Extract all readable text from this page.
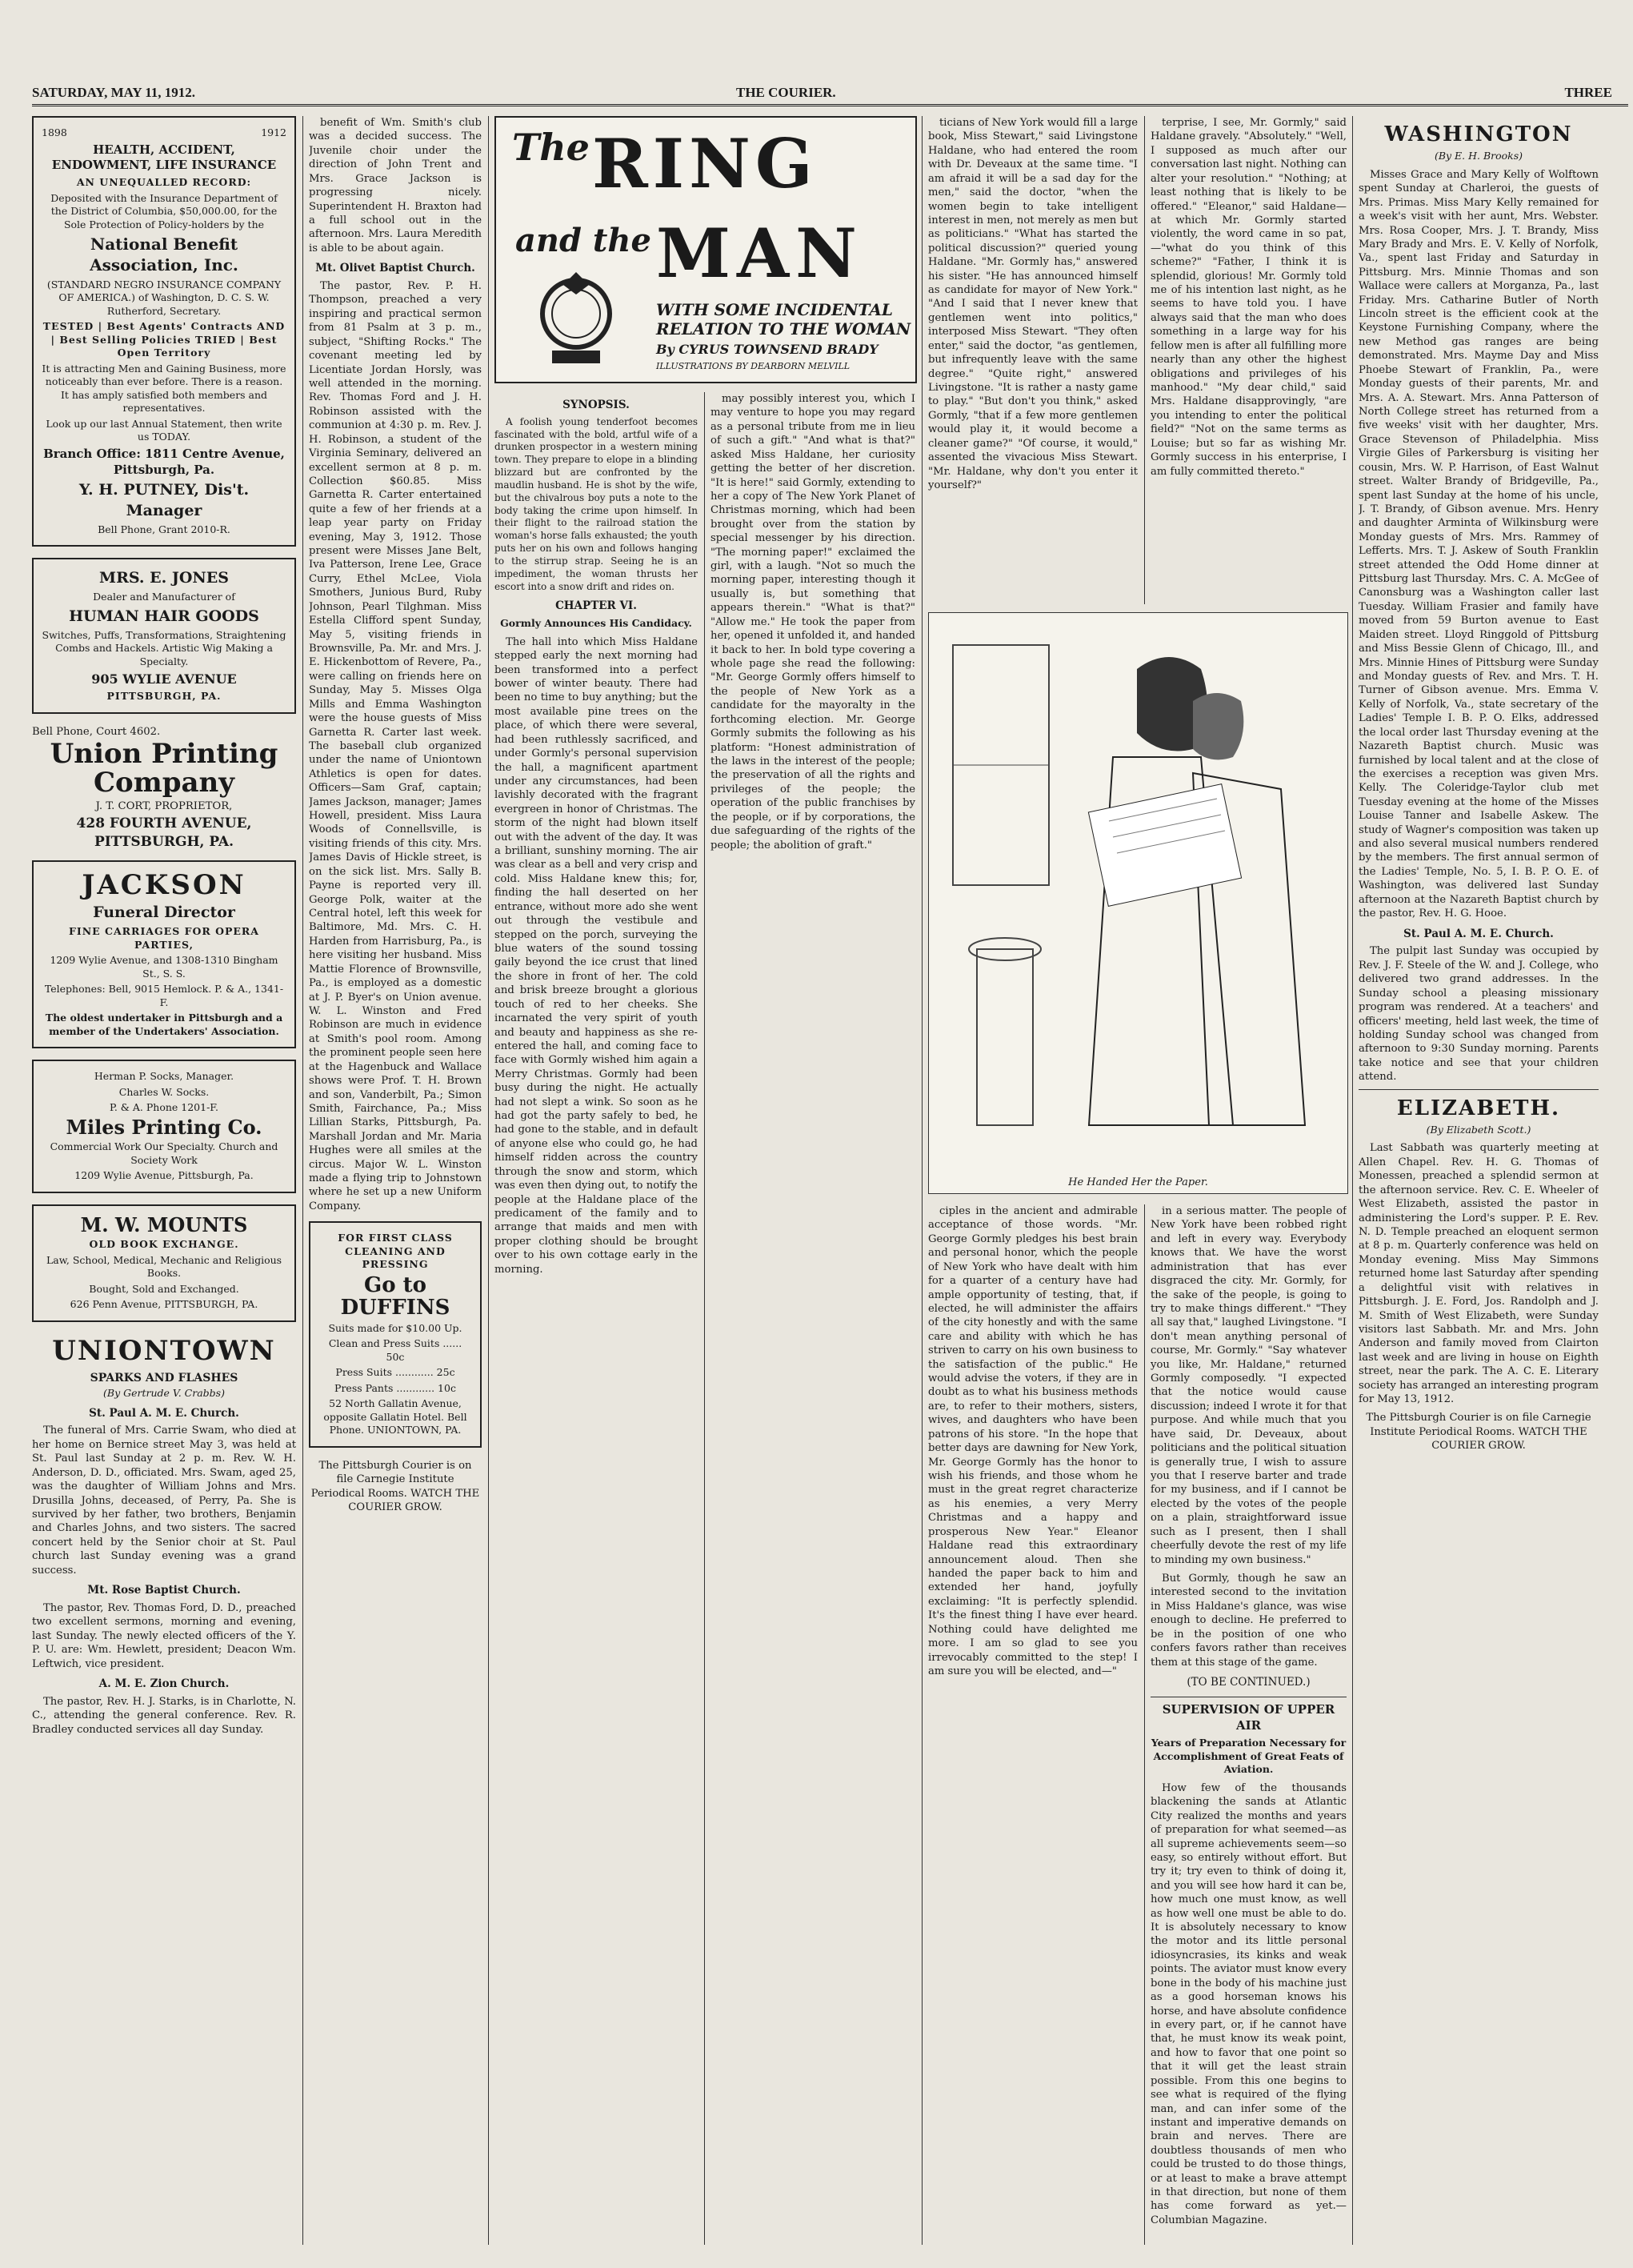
SATURDAY, MAY 11, 1912.	THE COURIER.	THREE

1898	1912

HEALTH, ACCIDENT, ENDOWMENT, LIFE INSURANCE

AN UNEQUALLED RECORD:

Deposited with the Insurance Department of the District of Columbia, $50,000.00, for the Sole Protection of Policy-holders by the

National Benefit Association, Inc.

(STANDARD NEGRO INSURANCE COMPANY OF AMERICA.) of Washington, D. C. S. W. Rutherford, Secretary.

TESTED | Best Agents' Contracts AND | Best Selling Policies TRIED | Best Open Territory

It is attracting Men and Gaining Business, more noticeably than ever before. There is a reason. It has amply satisfied both members and representatives.

Look up our last Annual Statement, then write us TODAY.

Branch Office: 1811 Centre Avenue, Pittsburgh, Pa.

Y. H. PUTNEY, Dis't. Manager

Bell Phone, Grant 2010-R.

MRS. E. JONES

Dealer and Manufacturer of

HUMAN HAIR GOODS

Switches, Puffs, Transformations, Straightening Combs and Hackels. Artistic Wig Making a Specialty.

905 WYLIE AVENUE

PITTSBURGH, PA.

Bell Phone, Court 4602.

Union Printing Company

J. T. CORT, PROPRIETOR,

428 FOURTH AVENUE, PITTSBURGH, PA.

JACKSON

Funeral Director

FINE CARRIAGES FOR OPERA PARTIES,

1209 Wylie Avenue, and 1308-1310 Bingham St., S. S.

Telephones: Bell, 9015 Hemlock. P. & A., 1341-F.

The oldest undertaker in Pittsburgh and a member of the Undertakers' Association.

Herman P. Socks, Manager.

Charles W. Socks.

P. & A. Phone 1201-F.

Miles Printing Co.

Commercial Work Our Specialty. Church and Society Work

1209 Wylie Avenue, Pittsburgh, Pa.

M. W. MOUNTS

OLD BOOK EXCHANGE.

Law, School, Medical, Mechanic and Religious Books.

Bought, Sold and Exchanged.

626 Penn Avenue, PITTSBURGH, PA.

UNIONTOWN

SPARKS AND FLASHES

(By Gertrude V. Crabbs)

St. Paul A. M. E. Church.

The funeral of Mrs. Carrie Swam, who died at her home on Bernice street May 3, was held at St. Paul last Sunday at 2 p. m. Rev. W. H. Anderson, D. D., officiated. Mrs. Swam, aged 25, was the daughter of William Johns and Mrs. Drusilla Johns, deceased, of Perry, Pa. She is survived by her father, two brothers, Benjamin and Charles Johns, and two sisters. The sacred concert held by the Senior choir at St. Paul church last Sunday evening was a grand success.

Mt. Rose Baptist Church.

The pastor, Rev. Thomas Ford, D. D., preached two excellent sermons, morning and evening, last Sunday. The newly elected officers of the Y. P. U. are: Wm. Hewlett, president; Deacon Wm. Leftwich, vice president.

A. M. E. Zion Church.

The pastor, Rev. H. J. Starks, is in Charlotte, N. C., attending the general conference. Rev. R. Bradley conducted services all day Sunday.

benefit of Wm. Smith's club was a decided success. The Juvenile choir under the direction of John Trent and Mrs. Grace Jackson is progressing nicely. Superintendent H. Braxton had a full school out in the afternoon. Mrs. Laura Meredith is able to be about again.

Mt. Olivet Baptist Church.

The pastor, Rev. P. H. Thompson, preached a very inspiring and practical sermon from 81 Psalm at 3 p. m., subject, "Shifting Rocks." The covenant meeting led by Licentiate Jordan Horsly, was well attended in the morning. Rev. Thomas Ford and J. H. Robinson assisted with the communion at 4:30 p. m. Rev. J. H. Robinson, a student of the Virginia Seminary, delivered an excellent sermon at 8 p. m. Collection $60.85. Miss Garnetta R. Carter entertained quite a few of her friends at a leap year party on Friday evening, May 3, 1912. Those present were Misses Jane Belt, Iva Patterson, Irene Lee, Grace Curry, Ethel McLee, Viola Smothers, Junious Burd, Ruby Johnson, Pearl Tilghman. Miss Estella Clifford spent Sunday, May 5, visiting friends in Brownsville, Pa. Mr. and Mrs. J. E. Hickenbottom of Revere, Pa., were calling on friends here on Sunday, May 5. Misses Olga Mills and Emma Washington were the house guests of Miss Garnetta R. Carter last week. The baseball club organized under the name of Uniontown Athletics is open for dates. Officers—Sam Graf, captain; James Jackson, manager; James Howell, president. Miss Laura Woods of Connellsville, is visiting friends of this city. Mrs. James Davis of Hickle street, is on the sick list. Mrs. Sally B. Payne is reported very ill. George Polk, waiter at the Central hotel, left this week for Baltimore, Md. Mrs. C. H. Harden from Harrisburg, Pa., is here visiting her husband. Miss Mattie Florence of Brownsville, Pa., is employed as a domestic at J. P. Byer's on Union avenue. W. L. Winston and Fred Robinson are much in evidence at Smith's pool room. Among the prominent people seen here at the Hagenbuck and Wallace shows were Prof. T. H. Brown and son, Vanderbilt, Pa.; Simon Smith, Fairchance, Pa.; Miss Lillian Starks, Pittsburgh, Pa. Marshall Jordan and Mr. Maria Hughes were all smiles at the circus. Major W. L. Winston made a flying trip to Johnstown where he set up a new Uniform Company.

FOR FIRST CLASS CLEANING AND PRESSING

Go to DUFFINS

Suits made for $10.00 Up.

Clean and Press Suits ...... 50c

Press Suits ............ 25c

Press Pants ............ 10c

52 North Gallatin Avenue, opposite Gallatin Hotel. Bell Phone. UNIONTOWN, PA.

The Pittsburgh Courier is on file Carnegie Institute Periodical Rooms. WATCH THE COURIER GROW.

The RING
and the MAN
WITH SOME INCIDENTAL RELATION TO THE WOMAN
By CYRUS TOWNSEND BRADY
ILLUSTRATIONS BY DEARBORN MELVILL

SYNOPSIS.

A foolish young tenderfoot becomes fascinated with the bold, artful wife of a drunken prospector in a western mining town. They prepare to elope in a blinding blizzard but are confronted by the maudlin husband. He is shot by the wife, but the chivalrous boy puts a note to the body taking the crime upon himself. In their flight to the railroad station the woman's horse falls exhausted; the youth puts her on his own and follows hanging to the stirrup strap. Seeing he is an impediment, the woman thrusts her escort into a snow drift and rides on.

CHAPTER VI.

Gormly Announces His Candidacy.

The hall into which Miss Haldane stepped early the next morning had been transformed into a perfect bower of winter beauty. There had been no time to buy anything; but the most available pine trees on the place, of which there were several, had been ruthlessly sacrificed, and under Gormly's personal supervision the hall, a magnificent apartment under any circumstances, had been lavishly decorated with the fragrant evergreen in honor of Christmas. The storm of the night had blown itself out with the advent of the day. It was a brilliant, sunshiny morning. The air was clear as a bell and very crisp and cold. Miss Haldane knew this; for, finding the hall deserted on her entrance, without more ado she went out through the vestibule and stepped on the porch, surveying the blue waters of the sound tossing gaily beyond the ice crust that lined the shore in front of her. The cold and brisk breeze brought a glorious touch of red to her cheeks. She incarnated the very spirit of youth and beauty and happiness as she re-entered the hall, and coming face to face with Gormly wished him again a Merry Christmas. Gormly had been busy during the night. He actually had not slept a wink. So soon as he had got the party safely to bed, he had gone to the stable, and in default of anyone else who could go, he had himself ridden across the country through the snow and storm, which was even then dying out, to notify the people at the Haldane place of the predicament of the family and to arrange that maids and men with proper clothing should be brought over to his own cottage early in the morning.

may possibly interest you, which I may venture to hope you may regard as a personal tribute from me in lieu of such a gift." "And what is that?" asked Miss Haldane, her curiosity getting the better of her discretion. "It is here!" said Gormly, extending to her a copy of The New York Planet of Christmas morning, which had been brought over from the station by special messenger by his direction. "The morning paper!" exclaimed the girl, with a laugh. "Not so much the morning paper, interesting though it usually is, but something that appears therein." "What is that?" "Allow me." He took the paper from her, opened it unfolded it, and handed it back to her. In bold type covering a whole page she read the following: "Mr. George Gormly offers himself to the people of New York as a candidate for the mayoralty in the forthcoming election. Mr. George Gormly submits the following as his platform: "Honest administration of the laws in the interest of the people; the preservation of all the rights and privileges of the people; the operation of the public franchises by the people, or if by corporations, the due safeguarding of the rights of the people; the abolition of graft."

ticians of New York would fill a large book, Miss Stewart," said Livingstone Haldane, who had entered the room with Dr. Deveaux at the same time. "I am afraid it will be a sad day for the men," said the doctor, "when the women begin to take intelligent interest in men, not merely as men but as politicians." "What has started the political discussion?" queried young Haldane. "Mr. Gormly has," answered his sister. "He has announced himself as candidate for mayor of New York." "And I said that I never knew that gentlemen went into politics," interposed Miss Stewart. "They often enter," said the doctor, "as gentlemen, but infrequently leave with the same degree." "Quite right," answered Livingstone. "It is rather a nasty game to play." "But don't you think," asked Gormly, "that if a few more gentlemen would play it, it would become a cleaner game?" "Of course, it would," assented the vivacious Miss Stewart. "Mr. Haldane, why don't you enter it yourself?"

terprise, I see, Mr. Gormly," said Haldane gravely. "Absolutely." "Well, I supposed as much after our conversation last night. Nothing can alter your resolution." "Nothing; at least nothing that is likely to be offered." "Eleanor," said Haldane—at which Mr. Gormly started violently, the word came in so pat,—"what do you think of this scheme?" "Father, I think it is splendid, glorious! Mr. Gormly told me of his intention last night, as he seems to have told you. I have always said that the man who does something in a large way for his fellow men is after all fulfilling more nearly than any other the highest obligations and privileges of his manhood." "My dear child," said Mrs. Haldane disapprovingly, "are you intending to enter the political field?" "Not on the same terms as Louise; but so far as wishing Mr. Gormly success in his enterprise, I am fully committed thereto."

He Handed Her the Paper.

ciples in the ancient and admirable acceptance of those words. "Mr. George Gormly pledges his best brain and personal honor, which the people of New York who have dealt with him for a quarter of a century have had ample opportunity of testing, that, if elected, he will administer the affairs of the city honestly and with the same care and ability with which he has striven to carry on his own business to the satisfaction of the public." He would advise the voters, if they are in doubt as to what his business methods are, to refer to their mothers, sisters, wives, and daughters who have been patrons of his store. "In the hope that better days are dawning for New York, Mr. George Gormly has the honor to wish his friends, and those whom he must in the great regret characterize as his enemies, a very Merry Christmas and a happy and prosperous New Year." Eleanor Haldane read this extraordinary announcement aloud. Then she handed the paper back to him and extended her hand, joyfully exclaiming: "It is perfectly splendid. It's the finest thing I have ever heard. Nothing could have delighted me more. I am so glad to see you irrevocably committed to the step! I am sure you will be elected, and—"

in a serious matter. The people of New York have been robbed right and left in every way. Everybody knows that. We have the worst administration that has ever disgraced the city. Mr. Gormly, for the sake of the people, is going to try to make things different." "They all say that," laughed Livingstone. "I don't mean anything personal of course, Mr. Gormly." "Say whatever you like, Mr. Haldane," returned Gormly composedly. "I expected that the notice would cause discussion; indeed I wrote it for that purpose. And while much that you have said, Dr. Deveaux, about politicians and the political situation is generally true, I wish to assure you that I reserve barter and trade for my business, and if I cannot be elected by the votes of the people on a plain, straightforward issue such as I present, then I shall cheerfully devote the rest of my life to minding my own business."

But Gormly, though he saw an interested second to the invitation in Miss Haldane's glance, was wise enough to decline. He preferred to be in the position of one who confers favors rather than receives them at this stage of the game.

(TO BE CONTINUED.)

SUPERVISION OF UPPER AIR

Years of Preparation Necessary for Accomplishment of Great Feats of Aviation.

How few of the thousands blackening the sands at Atlantic City realized the months and years of preparation for what seemed—as all supreme achievements seem—so easy, so entirely without effort. But try it; try even to think of doing it, and you will see how hard it can be, how much one must know, as well as how well one must be able to do. It is absolutely necessary to know the motor and its little personal idiosyncrasies, its kinks and weak points. The aviator must know every bone in the body of his machine just as a good horseman knows his horse, and have absolute confidence in every part, or, if he cannot have that, he must know its weak point, and how to favor that one point so that it will get the least strain possible. From this one begins to see what is required of the flying man, and can infer some of the instant and imperative demands on brain and nerves. There are doubtless thousands of men who could be trusted to do those things, or at least to make a brave attempt in that direction, but none of them has come forward as yet.—Columbian Magazine.

WASHINGTON

(By E. H. Brooks)

Misses Grace and Mary Kelly of Wolftown spent Sunday at Charleroi, the guests of Mrs. Primas. Miss Mary Kelly remained for a week's visit with her aunt, Mrs. Webster. Mrs. Rosa Cooper, Mrs. J. T. Brandy, Miss Mary Brady and Mrs. E. V. Kelly of Norfolk, Va., spent last Friday and Saturday in Pittsburg. Mrs. Minnie Thomas and son Wallace were callers at Morganza, Pa., last Friday. Mrs. Catharine Butler of North Lincoln street is the efficient cook at the Keystone Furnishing Company, where the new Method gas ranges are being demonstrated. Mrs. Mayme Day and Miss Phoebe Stewart of Franklin, Pa., were Monday guests of their parents, Mr. and Mrs. A. A. Stewart. Mrs. Anna Patterson of North College street has returned from a five weeks' visit with her daughter, Mrs. Grace Stevenson of Philadelphia. Miss Virgie Giles of Parkersburg is visiting her cousin, Mrs. W. P. Harrison, of East Walnut street. Walter Brandy of Bridgeville, Pa., spent last Sunday at the home of his uncle, J. T. Brandy, of Gibson avenue. Mrs. Henry and daughter Arminta of Wilkinsburg were Monday guests of Mrs. Mrs. Rammey of Lefferts. Mrs. T. J. Askew of South Franklin street attended the Odd Home dinner at Pittsburg last Thursday. Mrs. C. A. McGee of Canonsburg was a Washington caller last Tuesday. William Frasier and family have moved from 59 Burton avenue to East Maiden street. Lloyd Ringgold of Pittsburg and Miss Bessie Glenn of Chicago, Ill., and Mrs. Minnie Hines of Pittsburg were Sunday and Monday guests of Rev. and Mrs. T. H. Turner of Gibson avenue. Mrs. Emma V. Kelly of Norfolk, Va., state secretary of the Ladies' Temple I. B. P. O. Elks, addressed the local order last Thursday evening at the Nazareth Baptist church. Music was furnished by local talent and at the close of the exercises a reception was given Mrs. Kelly. The Coleridge-Taylor club met Tuesday evening at the home of the Misses Louise Tanner and Isabelle Askew. The study of Wagner's composition was taken up and also several musical numbers rendered by the members. The first annual sermon of the Ladies' Temple, No. 5, I. B. P. O. E. of Washington, was delivered last Sunday afternoon at the Nazareth Baptist church by the pastor, Rev. H. G. Hooe.

St. Paul A. M. E. Church.

The pulpit last Sunday was occupied by Rev. J. F. Steele of the W. and J. College, who delivered two grand addresses. In the Sunday school a pleasing missionary program was rendered. At a teachers' and officers' meeting, held last week, the time of holding Sunday school was changed from afternoon to 9:30 Sunday morning. Parents take notice and see that your children attend.

ELIZABETH.

(By Elizabeth Scott.)

Last Sabbath was quarterly meeting at Allen Chapel. Rev. H. G. Thomas of Monessen, preached a splendid sermon at the afternoon service. Rev. C. E. Wheeler of West Elizabeth, assisted the pastor in administering the Lord's supper. P. E. Rev. N. D. Temple preached an eloquent sermon at 8 p. m. Quarterly conference was held on Monday evening. Miss May Simmons returned home last Saturday after spending a delightful visit with relatives in Pittsburgh. J. E. Ford, Jos. Randolph and J. M. Smith of West Elizabeth, were Sunday visitors last Sabbath. Mr. and Mrs. John Anderson and family moved from Clairton last week and are living in house on Eighth street, near the park. The A. C. E. Literary society has arranged an interesting program for May 13, 1912.

The Pittsburgh Courier is on file Carnegie Institute Periodical Rooms. WATCH THE COURIER GROW.
